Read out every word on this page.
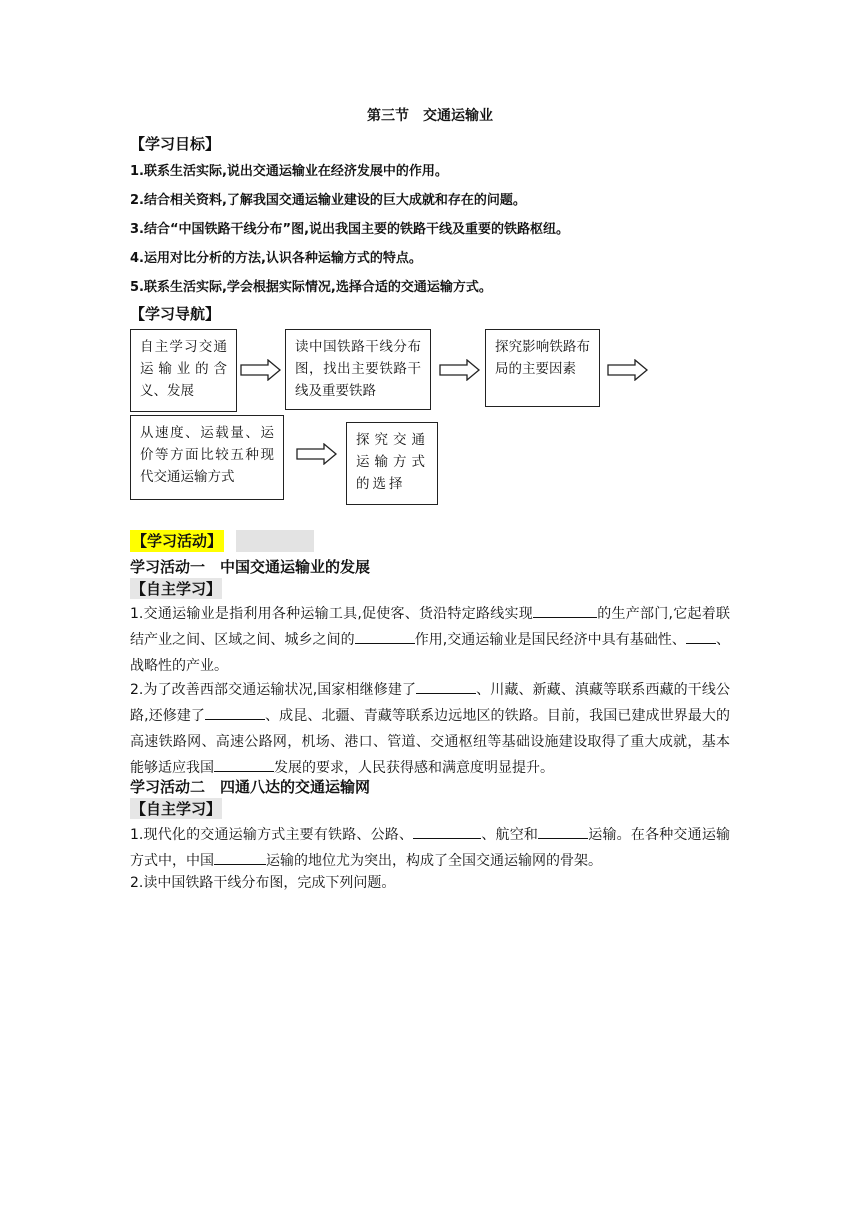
第三节　交通运输业
【学习目标】
1.联系生活实际,说出交通运输业在经济发展中的作用。
2.结合相关资料,了解我国交通运输业建设的巨大成就和存在的问题。
3.结合“中国铁路干线分布”图,说出我国主要的铁路干线及重要的铁路枢纽。
4.运用对比分析的方法,认识各种运输方式的特点。
5.联系生活实际,学会根据实际情况,选择合适的交通运输方式。
【学习导航】
自主学习交通运输业的含义、发展
读中国铁路干线分布图，找出主要铁路干线及重要铁路
探究影响铁路布局的主要因素
从速度、运载量、运价等方面比较五种现代交通运输方式
探究交通运输方式的选择
【学习活动】
学习活动一　中国交通运输业的发展
【自主学习】
1.交通运输业是指利用各种运输工具,促使客、货沿特定路线实现	的生产部门,它起着联结产业之间、区域之间、城乡之间的	作用,交通运输业是国民经济中具有基础性、 、战略性的产业。
2.为了改善西部交通运输状况,国家相继修建了	、川藏、新藏、滇藏等联系西藏的干线公路,还修建了	、成昆、北疆、青藏等联系边远地区的铁路。目前，我国已建成世界最大的高速铁路网、高速公路网，机场、港口、管道、交通枢纽等基础设施建设取得了重大成就，基本能够适应我国	发展的要求，人民获得感和满意度明显提升。
学习活动二　四通八达的交通运输网
【自主学习】
1.现代化的交通运输方式主要有铁路、公路、	、航空和	运输。在各种交通运输方式中，中国	运输的地位尤为突出，构成了全国交通运输网的骨架。
2.读中国铁路干线分布图，完成下列问题。
